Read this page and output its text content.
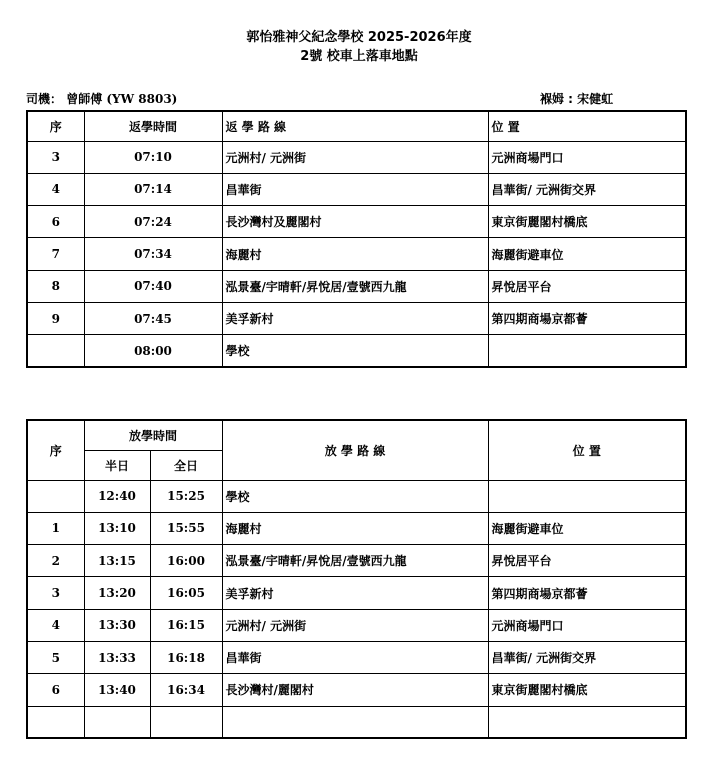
郭怡雅神父紀念學校 2025-2026年度
2號 校車上落車地點
司機： 曾師傅 (YW 8803)	褓姆 : 宋健虹
序	返學時間	返 學 路 線	位 置
3	07:10	元洲村/ 元洲街	元洲商場門口
4	07:14	昌華街	昌華街/ 元洲街交界
6	07:24	長沙灣村及麗閣村	東京街麗閣村橋底
7	07:34	海麗村	海麗街避車位
8	07:40	泓景臺/宇晴軒/昇悅居/壹號西九龍	昇悅居平台
9	07:45	美孚新村	第四期商場京都薈
	08:00	學校	
序	放學時間		放 學 路 線	位 置
	半日	全日		
	12:40	15:25	學校	
1	13:10	15:55	海麗村	海麗街避車位
2	13:15	16:00	泓景臺/宇晴軒/昇悅居/壹號西九龍	昇悅居平台
3	13:20	16:05	美孚新村	第四期商場京都薈
4	13:30	16:15	元洲村/ 元洲街	元洲商場門口
5	13:33	16:18	昌華街	昌華街/ 元洲街交界
6	13:40	16:34	長沙灣村/麗閣村	東京街麗閣村橋底
